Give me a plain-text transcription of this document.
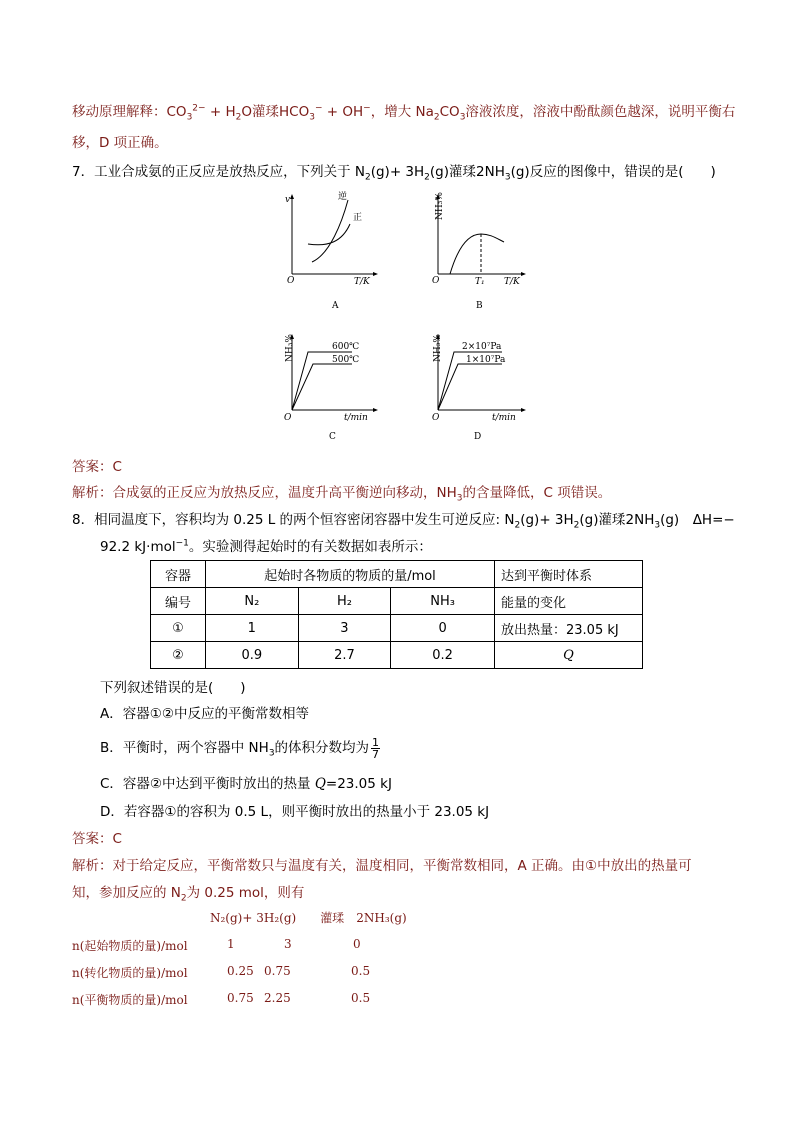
移动原理解释：$CO_3^{2-} + H_2O$灌瑈$HCO_3^- + OH^-$，增大 $Na_2CO_3$溶液浓度，溶液中酚酞颜色越深，说明平衡右
移，D 项正确。
7．工业合成氨的正反应是放热反应，下列关于 $N_2(g)+ 3H_2(g)$灌瑈$2NH_3(g)$反应的图像中，错误的是(　　)
v	逆
正
O	T/K
A
NH₃%
O	T₁ T/K
B
NH₃%	600℃
500℃
O	t/min
C
NH₃% 2×10⁷Pa
1×10⁷Pa
O	t/min
D
答案：C
解析：合成氨的正反应为放热反应，温度升高平衡逆向移动，$NH_3$的含量降低，C 项错误。
8．相同温度下，容积均为 0.25 L 的两个恒容密闭容器中发生可逆反应: $N_2(g)+ 3H_2(g)$灌瑈$2NH_3(g)$　ΔH=−
92.2 kJ·mol$^{-1}$。实验测得起始时的有关数据如表所示：
容器	起始时各物质的物质的量/mol			达到平衡时体系
编号	N₂	H₂	NH₃	能量的变化
①	1	3	0	放出热量：23.05 kJ
②	0.9	2.7	0.2	Q
下列叙述错误的是(　　)
A．容器①②中反应的平衡常数相等
B．平衡时，两个容器中 $NH_3$的体积分数均为 $\frac{1}{7}$
C．容器②中达到平衡时放出的热量 Q=23.05 kJ
D．若容器①的容积为 0.5 L，则平衡时放出的热量小于 23.05 kJ
答案：C
解析：对于给定反应，平衡常数只与温度有关，温度相同，平衡常数相同，A 正确。由①中放出的热量可
知，参加反应的 $N_2$为 0.25 mol，则有
N₂(g)+ 3H₂(g)　 灌瑈　 2NH₃(g)
n(起始物质的量)/mol	1	3	0
n(转化物质的量)/mol	0.25 0.75	0.5
n(平衡物质的量)/mol	0.75 2.25	0.5
